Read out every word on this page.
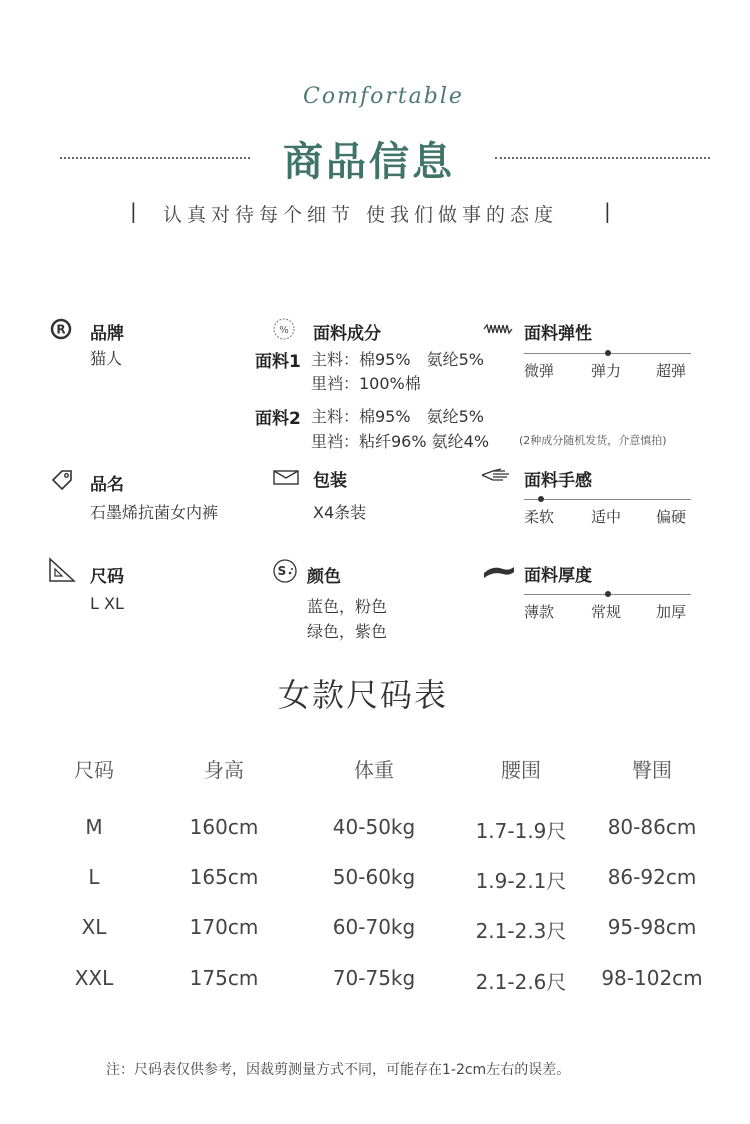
Comfortable
商品信息
| 认真对待每个细节 使我们做事的态度 |
R 品牌
猫人
% 面料成分
面料1 主料：棉95%　氨纶5%
里裆：100%棉
面料2 主料：棉95%　氨纶5%
里裆：粘纤96% 氨纶4%	(2种成分随机发货，介意慎拍)
面料弹性
微弹 弹力 超弹
品名
石墨烯抗菌女内裤
包装
X4条装
面料手感
柔软 适中 偏硬
尺码
L XL
S 颜色
蓝色，粉色
绿色，紫色
面料厚度
薄款 常规 加厚
女款尺码表
尺码	身高	体重	腰围	臀围
M	160cm	40-50kg	1.7-1.9尺	80-86cm
L	165cm	50-60kg	1.9-2.1尺	86-92cm
XL	170cm	60-70kg	2.1-2.3尺	95-98cm
XXL	175cm	70-75kg	2.1-2.6尺	98-102cm
注：尺码表仅供参考，因裁剪测量方式不同，可能存在1-2cm左右的误差。
